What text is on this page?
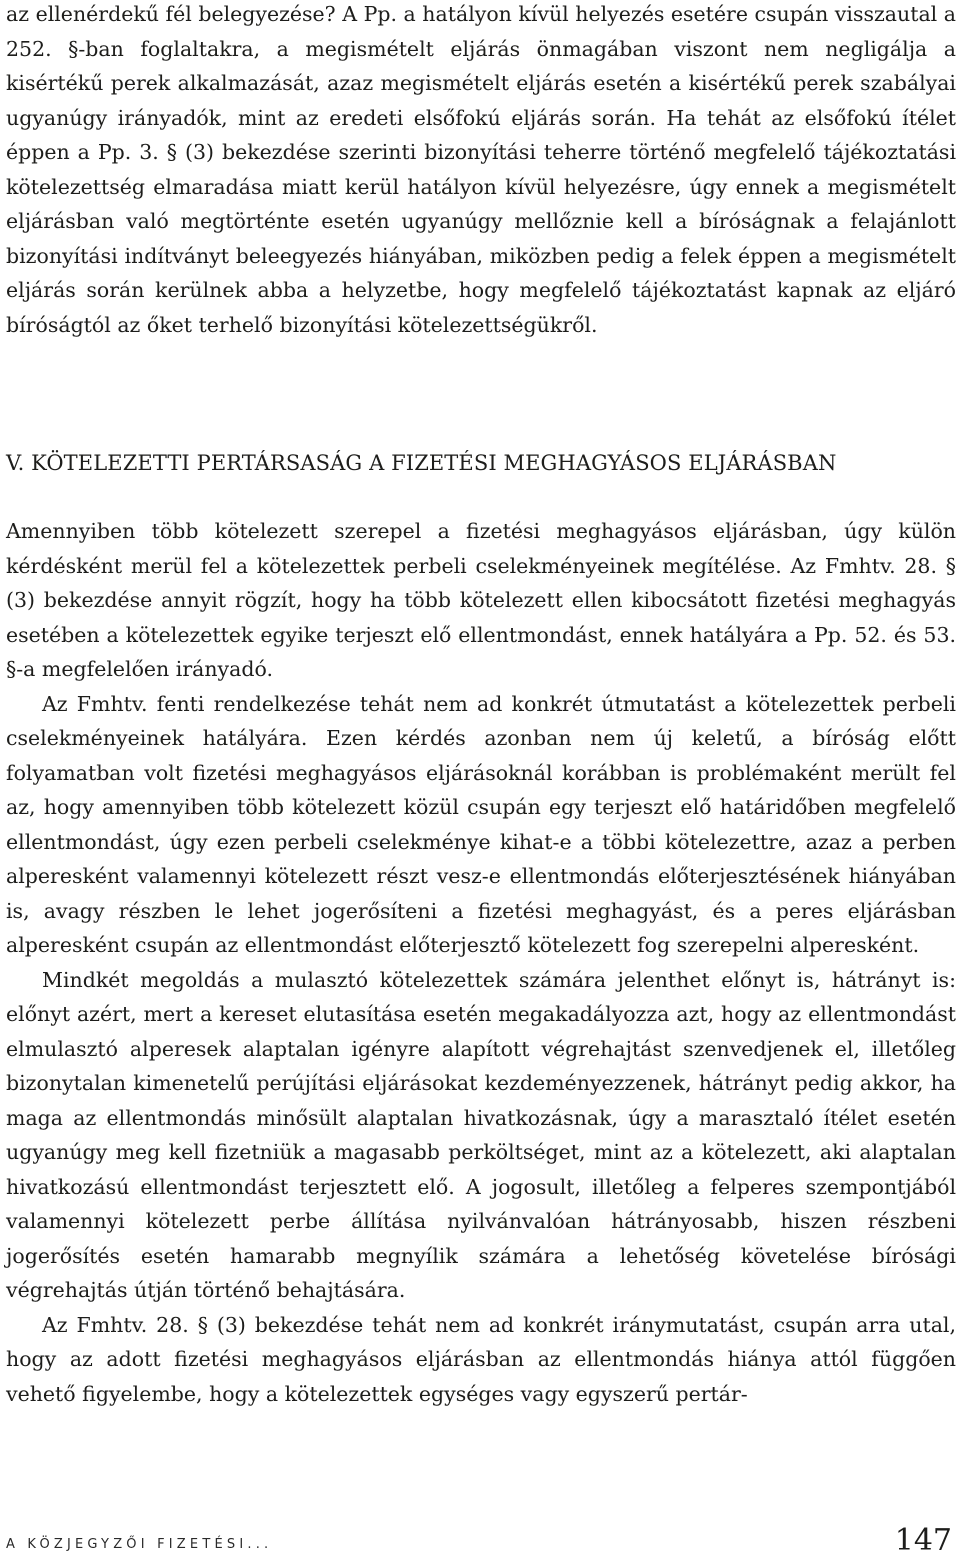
az ellenérdekű fél belegyezése? A Pp. a hatályon kívül helyezés esetére csupán visszautal a 252. §-ban foglaltakra, a megismételt eljárás önmagában viszont nem negligálja a kisértékű perek alkalmazását, azaz megismételt eljárás esetén a kisértékű perek szabályai ugyanúgy irányadók, mint az eredeti elsőfokú eljárás során. Ha tehát az elsőfokú ítélet éppen a Pp. 3. § (3) bekezdése szerinti bizonyítási teherre történő megfelelő tájékoztatási kötelezettség elmaradása miatt kerül hatályon kívül helyezésre, úgy ennek a megismételt eljárásban való megtörténte esetén ugyanúgy mellőznie kell a bíróságnak a felajánlott bizonyítási indítványt beleegyezés hiányában, miközben pedig a felek éppen a megismételt eljárás során kerülnek abba a helyzetbe, hogy megfelelő tájékoztatást kapnak az eljáró bíróságtól az őket terhelő bizonyítási kötelezettségükről.

V. KÖTELEZETTI PERTÁRSASÁG A FIZETÉSI MEGHAGYÁSOS ELJÁRÁSBAN

Amennyiben több kötelezett szerepel a fizetési meghagyásos eljárásban, úgy külön kérdésként merül fel a kötelezettek perbeli cselekményeinek megítélése. Az Fmhtv. 28. § (3) bekezdése annyit rögzít, hogy ha több kötelezett ellen kibocsátott fizetési meghagyás esetében a kötelezettek egyike terjeszt elő ellentmondást, ennek hatályára a Pp. 52. és 53. §-a megfelelően irányadó.

Az Fmhtv. fenti rendelkezése tehát nem ad konkrét útmutatást a kötelezettek perbeli cselekményeinek hatályára. Ezen kérdés azonban nem új keletű, a bíróság előtt folyamatban volt fizetési meghagyásos eljárásoknál korábban is problémaként merült fel az, hogy amennyiben több kötelezett közül csupán egy terjeszt elő határidőben megfelelő ellentmondást, úgy ezen perbeli cselekménye kihat-e a többi kötelezettre, azaz a perben alperesként valamennyi kötelezett részt vesz-e ellentmondás előterjesztésének hiányában is, avagy részben le lehet jogerősíteni a fizetési meghagyást, és a peres eljárásban alperesként csupán az ellentmondást előterjesztő kötelezett fog szerepelni alperesként.

Mindkét megoldás a mulasztó kötelezettek számára jelenthet előnyt is, hátrányt is: előnyt azért, mert a kereset elutasítása esetén megakadályozza azt, hogy az ellentmondást elmulasztó alperesek alaptalan igényre alapított végrehajtást szenvedjenek el, illetőleg bizonytalan kimenetelű perújítási eljárásokat kezdeményezzenek, hátrányt pedig akkor, ha maga az ellentmondás minősült alaptalan hivatkozásnak, úgy a marasztaló ítélet esetén ugyanúgy meg kell fizetniük a magasabb perköltséget, mint az a kötelezett, aki alaptalan hivatkozású ellentmondást terjesztett elő. A jogosult, illetőleg a felperes szempontjából valamennyi kötelezett perbe állítása nyilvánvalóan hátrányosabb, hiszen részbeni jogerősítés esetén hamarabb megnyílik számára a lehetőség követelése bírósági végrehajtás útján történő behajtására.

Az Fmhtv. 28. § (3) bekezdése tehát nem ad konkrét iránymutatást, csupán arra utal, hogy az adott fizetési meghagyásos eljárásban az ellentmondás hiánya attól függően vehető figyelembe, hogy a kötelezettek egységes vagy egyszerű pertár-

A KÖZJEGYZŐI FIZETÉSI...	147
